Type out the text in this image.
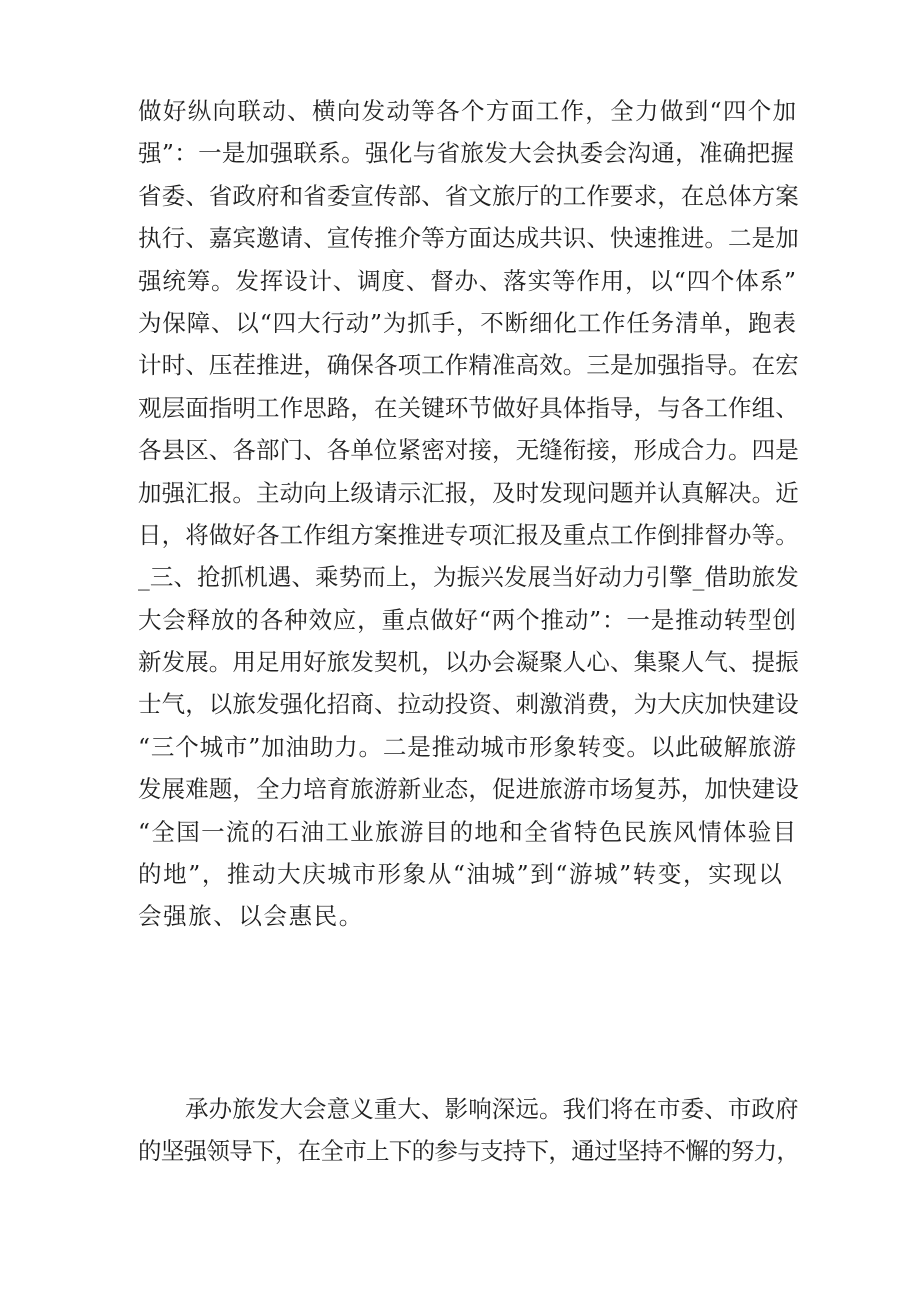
做好纵向联动、横向发动等各个方面工作，全力做到“四个加
强”：一是加强联系。强化与省旅发大会执委会沟通，准确把握
省委、省政府和省委宣传部、省文旅厅的工作要求，在总体方案
执行、嘉宾邀请、宣传推介等方面达成共识、快速推进。二是加
强统筹。发挥设计、调度、督办、落实等作用，以“四个体系”
为保障、以“四大行动”为抓手，不断细化工作任务清单，跑表
计时、压茬推进，确保各项工作精准高效。三是加强指导。在宏
观层面指明工作思路，在关键环节做好具体指导，与各工作组、
各县区、各部门、各单位紧密对接，无缝衔接，形成合力。四是
加强汇报。主动向上级请示汇报，及时发现问题并认真解决。近
日，将做好各工作组方案推进专项汇报及重点工作倒排督办等。
_三、抢抓机遇、乘势而上，为振兴发展当好动力引擎_借助旅发
大会释放的各种效应，重点做好“两个推动”：一是推动转型创
新发展。用足用好旅发契机，以办会凝聚人心、集聚人气、提振
士气，以旅发强化招商、拉动投资、刺激消费，为大庆加快建设
“三个城市”加油助力。二是推动城市形象转变。以此破解旅游
发展难题，全力培育旅游新业态，促进旅游市场复苏，加快建设
“全国一流的石油工业旅游目的地和全省特色民族风情体验目
的地”，推动大庆城市形象从“油城”到“游城”转变，实现以
会强旅、以会惠民。
承办旅发大会意义重大、影响深远。我们将在市委、市政府
的坚强领导下，在全市上下的参与支持下，通过坚持不懈的努力，
